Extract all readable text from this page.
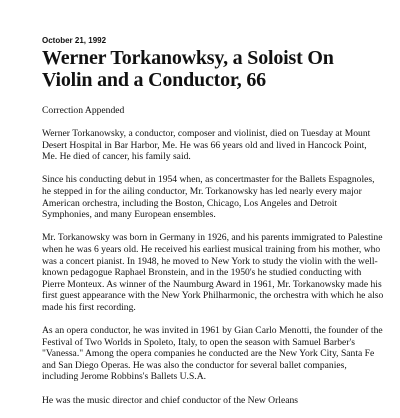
October 21, 1992
Werner Torkanowksy, a Soloist On Violin and a Conductor, 66
Correction Appended

Werner Torkanowsky, a conductor, composer and violinist, died on Tuesday at Mount Desert Hospital in Bar Harbor, Me. He was 66 years old and lived in Hancock Point, Me. He died of cancer, his family said.

Since his conducting debut in 1954 when, as concertmaster for the Ballets Espagnoles, he stepped in for the ailing conductor, Mr. Torkanowsky has led nearly every major American orchestra, including the Boston, Chicago, Los Angeles and Detroit Symphonies, and many European ensembles.

Mr. Torkanowsky was born in Germany in 1926, and his parents immigrated to Palestine when he was 6 years old. He received his earliest musical training from his mother, who was a concert pianist. In 1948, he moved to New York to study the violin with the well-known pedagogue Raphael Bronstein, and in the 1950's he studied conducting with Pierre Monteux. As winner of the Naumburg Award in 1961, Mr. Torkanowsky made his first guest appearance with the New York Philharmonic, the orchestra with which he also made his first recording.

As an opera conductor, he was invited in 1961 by Gian Carlo Menotti, the founder of the Festival of Two Worlds in Spoleto, Italy, to open the season with Samuel Barber's "Vanessa." Among the opera companies he conducted are the New York City, Santa Fe and San Diego Operas. He was also the conductor for several ballet companies, including Jerome Robbins's Ballets U.S.A.

He was the music director and chief conductor of the New Orleans
